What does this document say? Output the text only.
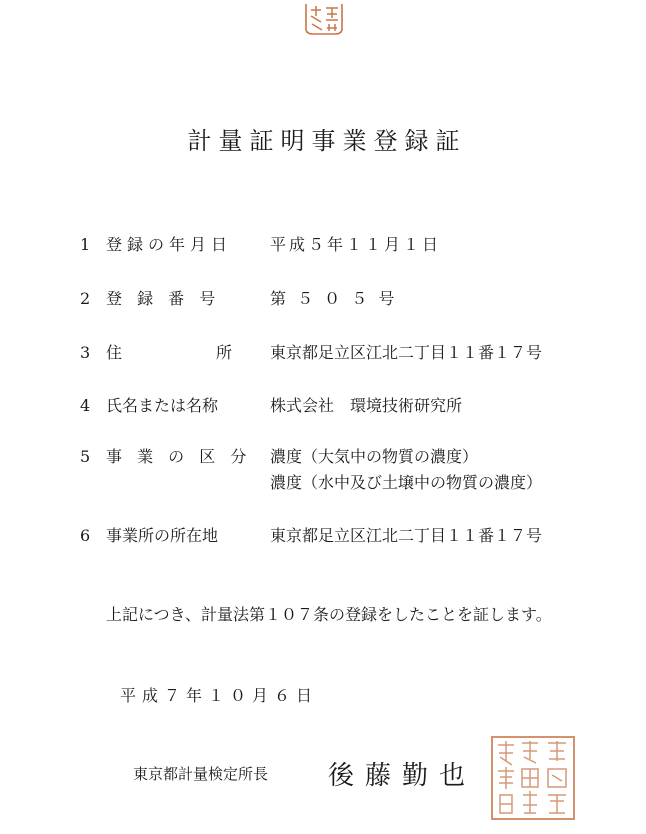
計量証明事業登録証
1 登録の年月日 平成５年１１月１日
2 登 録 番 号	第 ５ ０ ５ 号
3 住	所 東京都足立区江北二丁目１１番１７号
4 氏名または名称	株式会社　環境技術研究所
5 事 業 の 区 分 濃度（大気中の物質の濃度）
濃度（水中及び土壌中の物質の濃度）
6 事業所の所在地	東京都足立区江北二丁目１１番１７号
上記につき、計量法第１０７条の登録をしたことを証します。
平成７年１０月６日
東京都計量検定所長 後藤勤也
